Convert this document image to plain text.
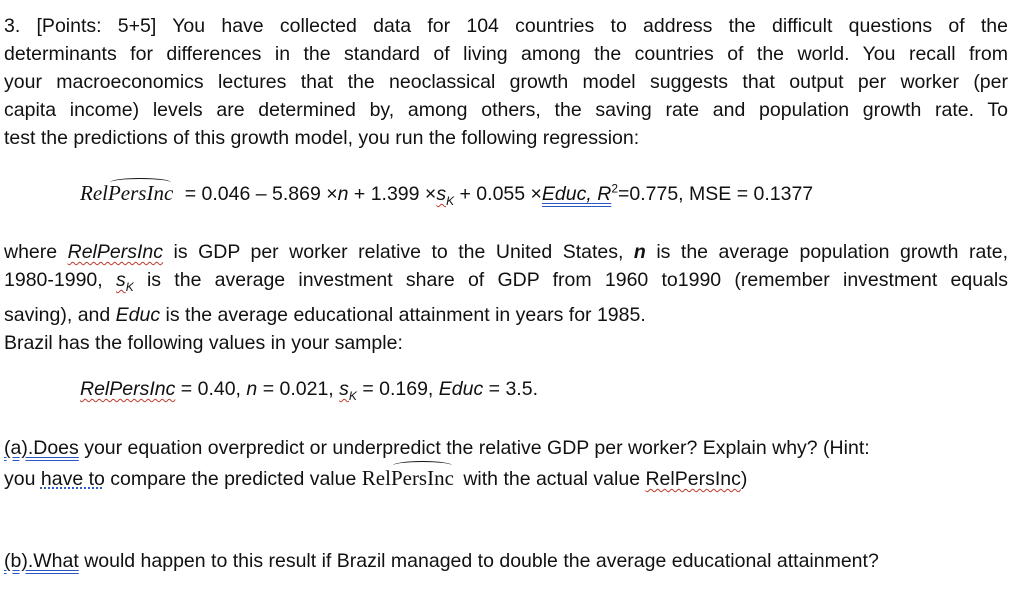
3. [Points: 5+5] You have collected data for 104 countries to address the difficult questions of the
determinants for differences in the standard of living among the countries of the world. You recall from
your macroeconomics lectures that the neoclassical growth model suggests that output per worker (per
capita income) levels are determined by, among others, the saving rate and population growth rate. To
test the predictions of this growth model, you run the following regression:
RelPersInc = $0.046 - 5.869 \times n + 1.399 \times s_K + 0.055$ ×Educ, $R^2=0.775$, MSE = 0.1377
where RelPersInc is GDP per worker relative to the United States, n is the average population growth rate,
1980-1990, $s_K$ is the average investment share of GDP from 1960 to1990 (remember investment equals
saving), and Educ is the average educational attainment in years for 1985.
Brazil has the following values in your sample:
RelPersInc = 0.40, n = 0.021, $s_K = 0.169$, Educ = 3.5.
(a).Does your equation overpredict or underpredict the relative GDP per worker? Explain why? (Hint:
you have to compare the predicted value RelPersInc with the actual value RelPersInc)
(b).What would happen to this result if Brazil managed to double the average educational attainment?
